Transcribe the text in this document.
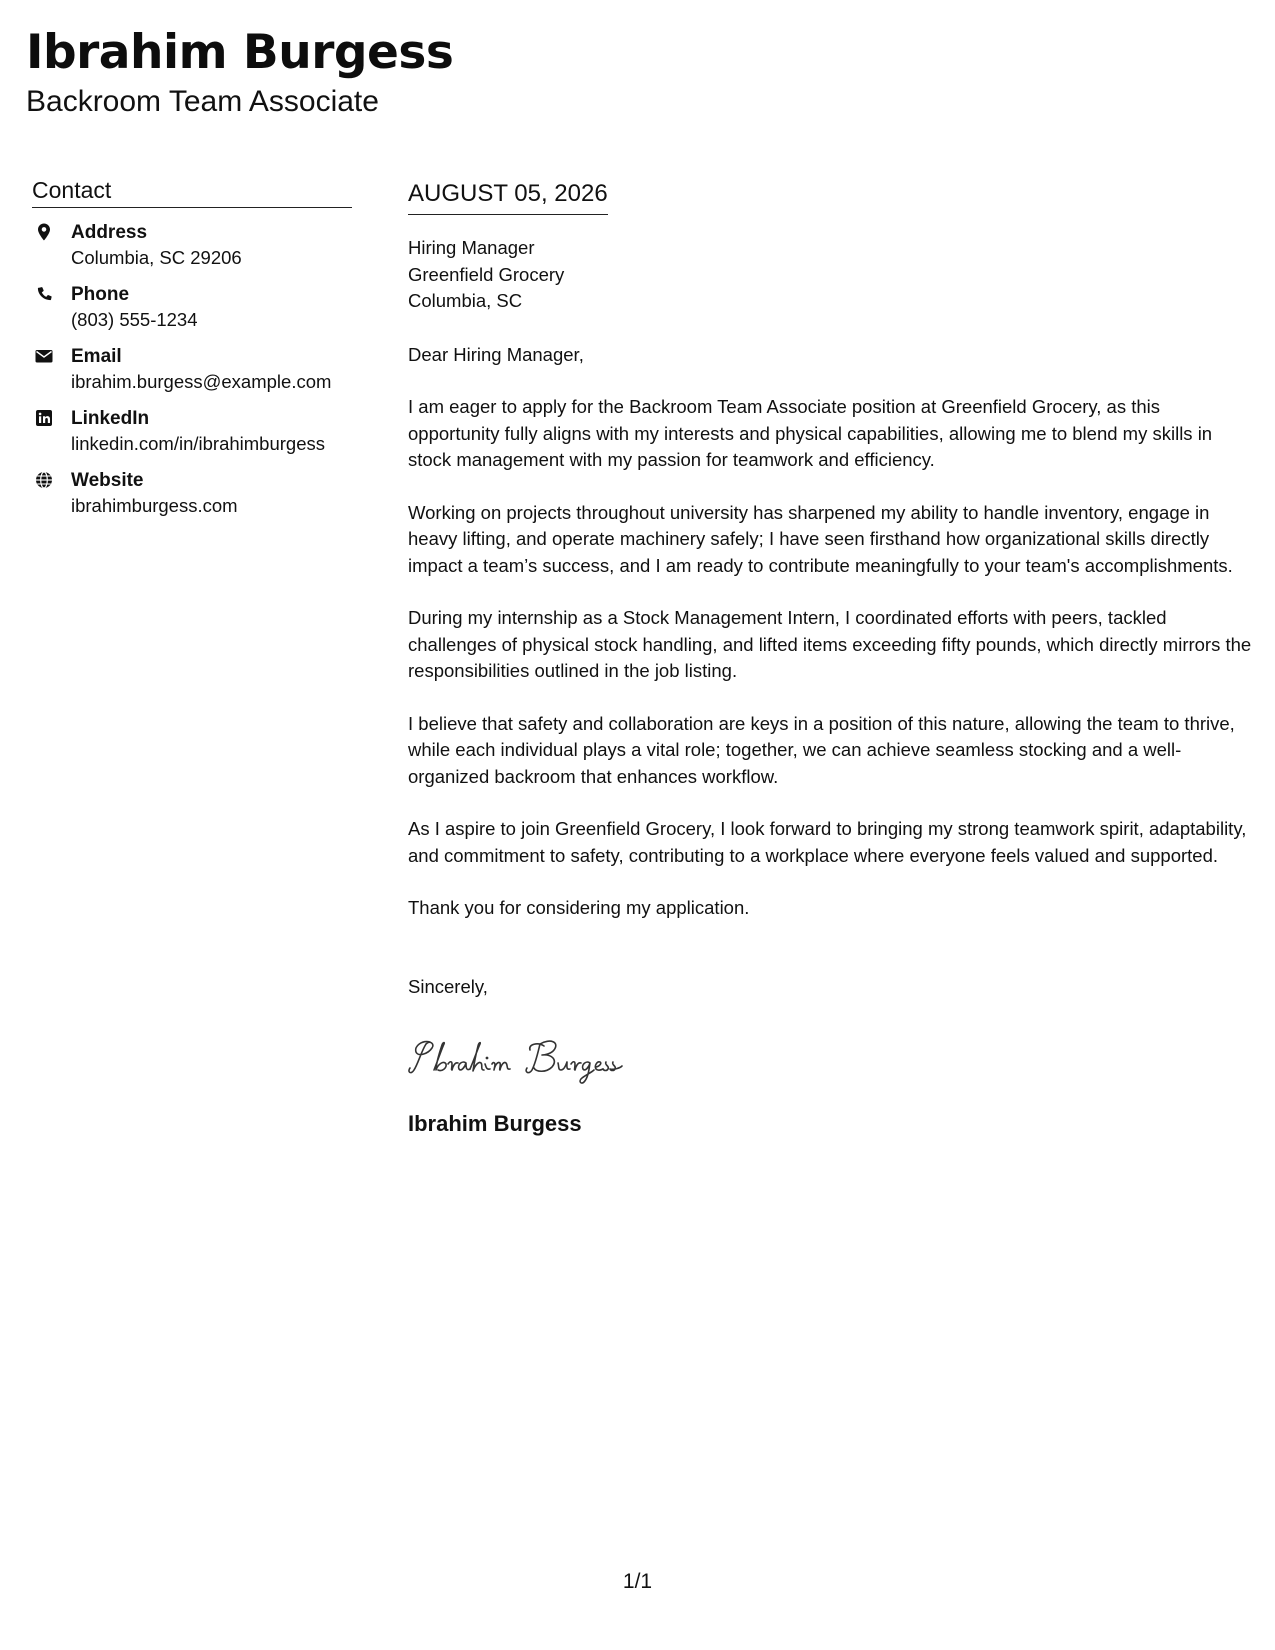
Ibrahim Burgess
Backroom Team Associate
Contact
Address
Columbia, SC 29206
Phone
(803) 555-1234
Email
ibrahim.burgess@example.com
LinkedIn
linkedin.com/in/ibrahimburgess
Website
ibrahimburgess.com
AUGUST 05, 2026
Hiring Manager
Greenfield Grocery
Columbia, SC

Dear Hiring Manager,

I am eager to apply for the Backroom Team Associate position at Greenfield Grocery, as this opportunity fully aligns with my interests and physical capabilities, allowing me to blend my skills in stock management with my passion for teamwork and efficiency.

Working on projects throughout university has sharpened my ability to handle inventory, engage in heavy lifting, and operate machinery safely; I have seen firsthand how organizational skills directly impact a team’s success, and I am ready to contribute meaningfully to your team's accomplishments.

During my internship as a Stock Management Intern, I coordinated efforts with peers, tackled challenges of physical stock handling, and lifted items exceeding fifty pounds, which directly mirrors the responsibilities outlined in the job listing.

I believe that safety and collaboration are keys in a position of this nature, allowing the team to thrive, while each individual plays a vital role; together, we can achieve seamless stocking and a well-organized backroom that enhances workflow.

As I aspire to join Greenfield Grocery, I look forward to bringing my strong teamwork spirit, adaptability, and commitment to safety, contributing to a workplace where everyone feels valued and supported.

Thank you for considering my application.

Sincerely,
Ibrahim Burgess
1/1
